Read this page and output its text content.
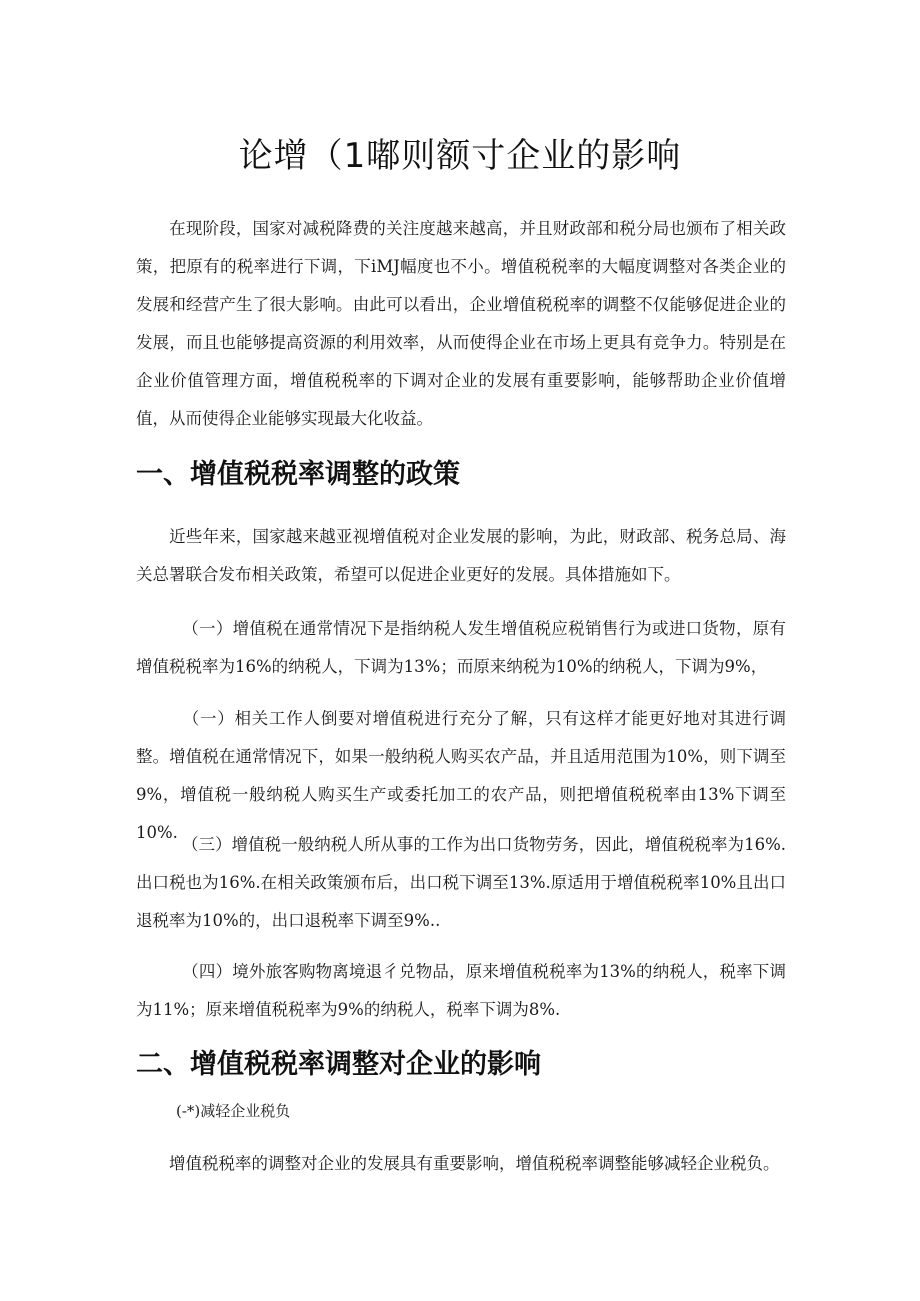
论增（1嘟则额寸企业的影响

在现阶段，国家对减税降费的关注度越来越高，并且财政部和税分局也颁布了相关政策，把原有的税率进行下调，下iMJ幅度也不小。增值税税率的大幅度调整对各类企业的发展和经营产生了很大影响。由此可以看出，企业增值税税率的调整不仅能够促进企业的发展，而且也能够提高资源的利用效率，从而使得企业在市场上更具有竞争力。特别是在企业价值管理方面，增值税税率的下调对企业的发展有重要影响，能够帮助企业价值增值，从而使得企业能够实现最大化收益。

一、增值税税率调整的政策

近些年来，国家越来越亚视增值税对企业发展的影响，为此，财政部、税务总局、海关总署联合发布相关政策，希望可以促进企业更好的发展。具体措施如下。

（一）增值税在通常情况下是指纳税人发生增值税应税销售行为或进口货物，原有增值税税率为16%的纳税人，下调为13%；而原来纳税为10%的纳税人，下调为9%，

（一）相关工作人倒要对增值税进行充分了解，只有这样才能更好地对其进行调整。增值税在通常情况下，如果一般纳税人购买农产品，并且适用范围为10%，则下调至9%，增值税一般纳税人购买生产或委托加工的农产品，则把增值税税率由13%下调至10%.

（三）增值税一般纳税人所从事的工作为出口货物劳务，因此，增值税税率为16%.出口税也为16%.在相关政策颁布后，出口税下调至13%.原适用于增值税税率10%且出口退税率为10%的，出口退税率下调至9%..

（四）境外旅客购物离境退彳兑物品，原来增值税税率为13%的纳税人，税率下调为11%；原来增值税税率为9%的纳税人，税率下调为8%.

二、增值税税率调整对企业的影响

(-*)减轻企业税负

增值税税率的调整对企业的发展具有重要影响，增值税税率调整能够减轻企业税负。
